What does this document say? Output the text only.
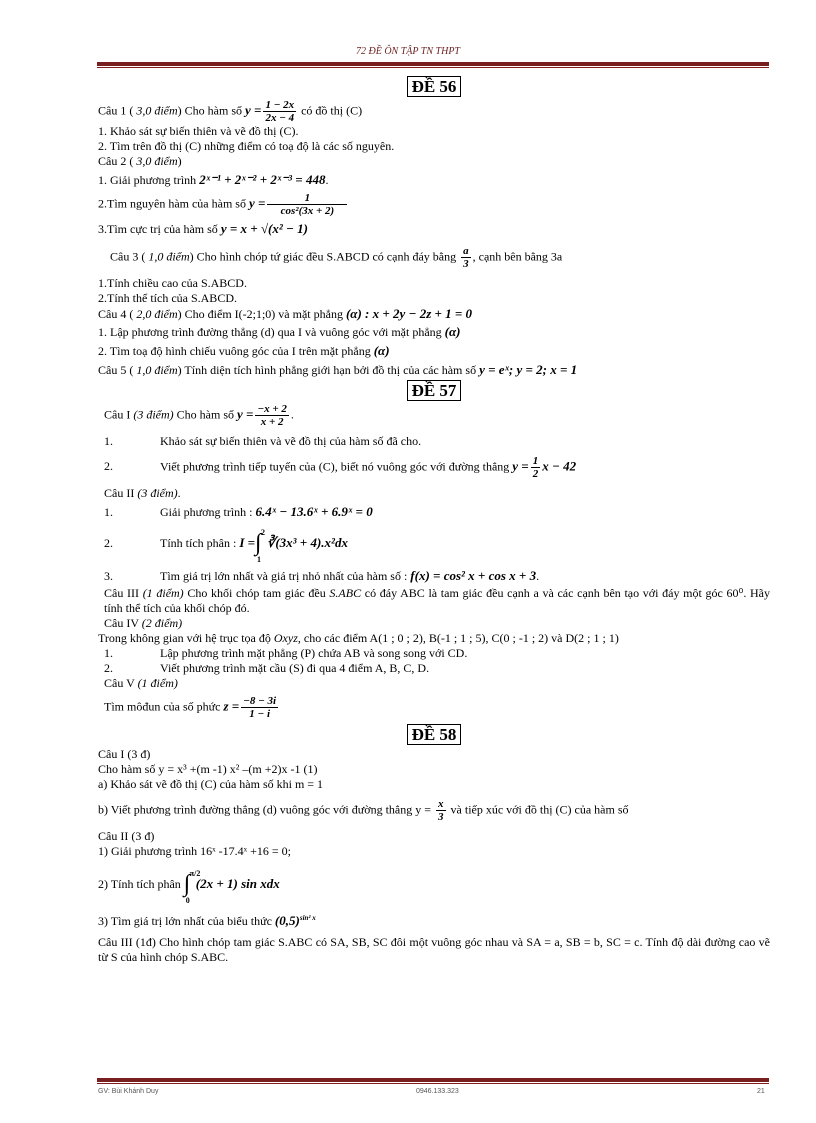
72 ĐỀ ÔN TẬP TN THPT
ĐỀ 56

Câu 1 ( 3,0 điểm) Cho hàm số $y = \frac{1 - 2x}{2x - 4}$ có đồ thị (C)

1. Khảo sát sự biến thiên và vẽ đồ thị (C).

2. Tìm trên đồ thị (C) những điểm có toạ độ là các số nguyên.

Câu 2 ( 3,0 điểm)

1. Giải phương trình 2ˣ⁻¹ + 2ˣ⁻² + 2ˣ⁻³ = 448.

2.Tìm nguyên hàm của hàm số $y = \frac{1}{\text{cos²(3x + 2)}}$

3.Tìm cực trị của hàm số y = x + √(x² − 1)

Câu 3 ( 1,0 điểm) Cho hình chóp tứ giác đều S.ABCD có cạnh đáy bằng $\frac{a}{3}$ , cạnh bên bằng 3a

1.Tính chiều cao của S.ABCD.

2.Tính thể tích của S.ABCD.

Câu 4 ( 2,0 điểm) Cho điểm I(-2;1;0) và mặt phẳng (α) : x + 2y − 2z + 1 = 0

1. Lập phương trình đường thẳng (d) qua I và vuông góc với mặt phẳng (α)

2. Tìm toạ độ hình chiếu vuông góc của I trên mặt phẳng (α)

Câu 5 ( 1,0 điểm) Tính diện tích hình phẳng giới hạn bởi đồ thị của các hàm số y = eˣ; y = 2; x = 1

ĐỀ 57

Câu I (3 điểm) Cho hàm số $y = \frac{-x + 2}{x + 2}$ .

1.	Khảo sát sự biến thiên và vẽ đồ thị của hàm số đã cho.

2.	Viết phương trình tiếp tuyến của (C), biết nó vuông góc với đường thẳng $y = \frac{1}{2}$ x − 42

Câu II (3 điểm).

1.	Giải phương trình : 6.4ˣ − 13.6ˣ + 6.9ˣ = 0

2.	Tính tích phân : I = ∫ 2
1
∛(3x³ + 4).x²dx

3.	Tìm giá trị lớn nhất và giá trị nhỏ nhất của hàm số : f(x) = cos² x + cos x + 3.

Câu III (1 điểm) Cho khối chóp tam giác đều S.ABC có đáy ABC là tam giác đều cạnh a và các cạnh bên tạo với đáy một góc 60⁰. Hãy tính thể tích của khối chóp đó.

Câu IV (2 điểm)

Trong không gian với hệ trục tọa độ Oxyz, cho các điểm A(1 ; 0 ; 2), B(-1 ; 1 ; 5), C(0 ; -1 ; 2) và D(2 ; 1 ; 1)

1.	Lập phương trình mặt phẳng (P) chứa AB và song song với CD.

2.	Viết phương trình mặt cầu (S) đi qua 4 điểm A, B, C, D.

Câu V (1 điểm)

Tìm môđun của số phức $z = \frac{-8 - 3i}{1 - i}$

ĐỀ 58

Câu I (3 đ)

Cho hàm số y = x³ +(m -1) x² –(m +2)x -1 (1)

a) Khảo sát vẽ đồ thị (C) của hàm số khi m = 1

b) Viết phương trình đường thẳng (d) vuông góc với đường thẳng $y = \frac{x}{3}$ và tiếp xúc với đồ thị (C) của hàm số

Câu II (3 đ)

1) Giải phương trình 16ˣ -17.4ˣ +16 = 0;

2) Tính tích phân ∫ π/2
0
(2x + 1) sin xdx

3) Tìm giá trị lớn nhất của biểu thức $(0,5)^{sin^2 x}$

Câu III (1đ) Cho hình chóp tam giác S.ABC có SA, SB, SC đôi một vuông góc nhau và SA = a, SB = b, SC = c. Tính độ dài đường cao vẽ từ S của hình chóp S.ABC.

GV: Bùi Khánh Duy	0946.133.323	21
